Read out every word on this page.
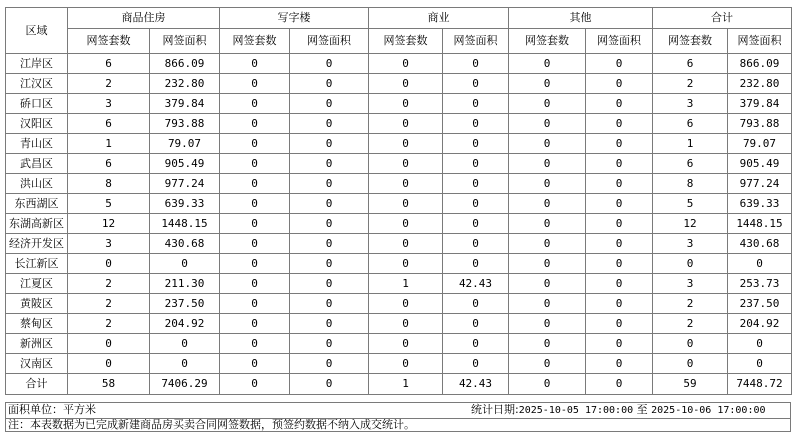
区域	商品住房		写字楼		商业		其他		合计	
	网签套数	网签面积	网签套数	网签面积	网签套数	网签面积	网签套数	网签面积	网签套数	网签面积
江岸区	6	866.09	0	0	0	0	0	0	6	866.09
江汉区	2	232.80	0	0	0	0	0	0	2	232.80
硚口区	3	379.84	0	0	0	0	0	0	3	379.84
汉阳区	6	793.88	0	0	0	0	0	0	6	793.88
青山区	1	79.07	0	0	0	0	0	0	1	79.07
武昌区	6	905.49	0	0	0	0	0	0	6	905.49
洪山区	8	977.24	0	0	0	0	0	0	8	977.24
东西湖区	5	639.33	0	0	0	0	0	0	5	639.33
东湖高新区	12	1448.15	0	0	0	0	0	0	12	1448.15
经济开发区	3	430.68	0	0	0	0	0	0	3	430.68
长江新区	0	0	0	0	0	0	0	0	0	0
江夏区	2	211.30	0	0	1	42.43	0	0	3	253.73
黄陂区	2	237.50	0	0	0	0	0	0	2	237.50
蔡甸区	2	204.92	0	0	0	0	0	0	2	204.92
新洲区	0	0	0	0	0	0	0	0	0	0
汉南区	0	0	0	0	0	0	0	0	0	0
合计	58	7406.29	0	0	1	42.43	0	0	59	7448.72
面积单位：平方米	统计日期:2025-10-05 17:00:00 至 2025-10-06 17:00:00
注：本表数据为已完成新建商品房买卖合同网签数据，预签约数据不纳入成交统计。
